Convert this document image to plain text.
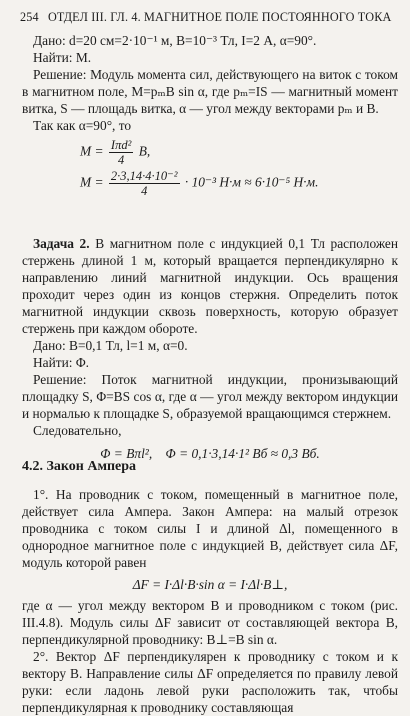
254 ОТДЕЛ III. ГЛ. 4. МАГНИТНОЕ ПОЛЕ ПОСТОЯННОГО ТОКА

Дано: d=20 см=2·10⁻¹ м, B=10⁻³ Тл, I=2 А, α=90°.

Найти: M.

Решение: Модуль момента сил, действующего на виток с током в магнитном поле, M=pₘB sin α, где pₘ=IS — магнитный момент витка, S — площадь витка, α — угол между векторами pₘ и B.

Так как α=90°, то

$M = \frac{\text{Iπd²}}{4} B$,
$M = \frac{\text{2·3,14·4·10⁻²}}{4} \cdot 10^{-3}$ Н·м ≈ 6·10⁻⁵ Н·м.

Задача 2. В магнитном поле с индукцией 0,1 Тл расположен стержень длиной 1 м, который вращается перпендикулярно к направлению линий магнитной индукции. Ось вращения проходит через один из концов стержня. Определить поток магнитной индукции сквозь поверхность, которую образует стержень при каждом обороте.

Дано: B=0,1 Тл, l=1 м, α=0.

Найти: Φ.

Решение: Поток магнитной индукции, пронизывающий площадку S, Φ=BS cos α, где α — угол между вектором индукции и нормалью к площадке S, образуемой вращающимся стержнем.

Следовательно,

Φ = Bπl²,    Φ = 0,1·3,14·1² Вб ≈ 0,3 Вб.

4.2. Закон Ампера

1°. На проводник с током, помещенный в магнитное поле, действует сила Ампера. Закон Ампера: на малый отрезок проводника с током силы I и длиной Δl, помещенного в однородное магнитное поле с индукцией B, действует сила ΔF, модуль которой равен

ΔF = I·Δl·B·sin α = I·Δl·B⊥,

где α — угол между вектором B и проводником с током (рис. III.4.8). Модуль силы ΔF зависит от составляющей вектора B, перпендикулярной проводнику: B⊥=B sin α.

2°. Вектор ΔF перпендикулярен к проводнику с током и к вектору B. Направление силы ΔF определяется по правилу левой руки: если ладонь левой руки расположить так, чтобы перпендикулярная к проводнику составляющая
